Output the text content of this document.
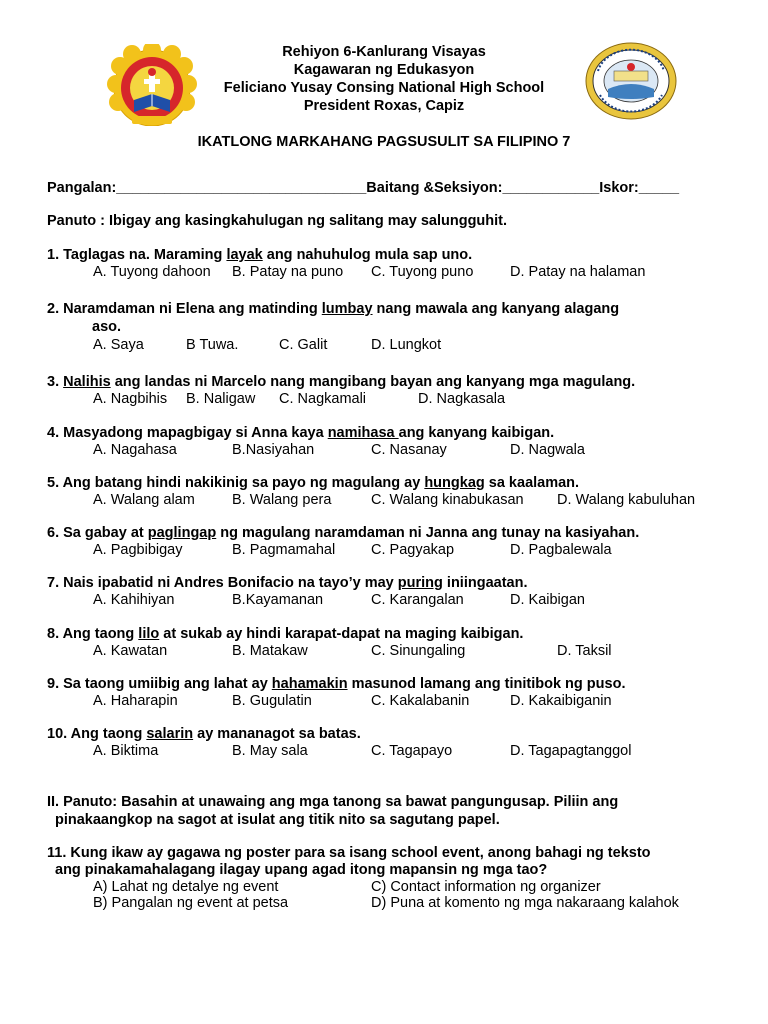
Rehiyon 6-Kanlurang Visayas
Kagawaran ng Edukasyon
Feliciano Yusay Consing National High School
President Roxas, Capiz
IKATLONG MARKAHANG PAGSUSULIT SA FILIPINO 7
Pangalan:_______________________________Baitang &Seksiyon:____________Iskor:_____
Panuto : Ibigay ang kasingkahulugan ng salitang may salungguhit.
1. Taglagas na. Maraming layak ang nahuhulog mula sap uno.
A. Tuyong dahoon B. Patay na puno C. Tuyong puno	D. Patay na halaman
2. Naramdaman ni Elena ang matinding lumbay nang mawala ang kanyang alagang
aso.
A. Saya	B Tuwa.	C. Galit	D. Lungkot
3. Nalihis ang landas ni Marcelo nang mangibang bayan ang kanyang mga magulang.
A. Nagbihis B. Naligaw C. Nagkamali	D. Nagkasala
4. Masyadong mapagbigay si Anna kaya namihasa ang kanyang kaibigan.
A. Nagahasa	B.Nasiyahan	C. Nasanay	D. Nagwala
5. Ang batang hindi nakikinig sa payo ng magulang ay hungkag sa kaalaman.
A. Walang alam	B. Walang pera	C. Walang kinabukasan D. Walang kabuluhan
6. Sa gabay at paglingap ng magulang naramdaman ni Janna ang tunay na kasiyahan.
A. Pagbibigay	B. Pagmamahal C. Pagyakap	D. Pagbalewala
7. Nais ipabatid ni Andres Bonifacio na tayo’y may puring iniingaatan.
A. Kahihiyan	B.Kayamanan	C. Karangalan	D. Kaibigan
8. Ang taong lilo at sukab ay hindi karapat-dapat na maging kaibigan.
A. Kawatan	B. Matakaw	C. Sinungaling	D. Taksil
9. Sa taong umiibig ang lahat ay hahamakin masunod lamang ang tinitibok ng puso.
A. Haharapin	B. Gugulatin	C. Kakalabanin	D. Kakaibiganin
10. Ang taong salarin ay mananagot sa batas.
A. Biktima	B. May sala	C. Tagapayo	D. Tagapagtanggol
II. Panuto: Basahin at unawaing ang mga tanong sa bawat pangungusap. Piliin ang
pinakaangkop na sagot at isulat ang titik nito sa sagutang papel.
11. Kung ikaw ay gagawa ng poster para sa isang school event, anong bahagi ng teksto
ang pinakamahalagang ilagay upang agad itong mapansin ng mga tao?
A) Lahat ng detalye ng event	C) Contact information ng organizer
B) Pangalan ng event at petsa	D) Puna at komento ng mga nakaraang kalahok
